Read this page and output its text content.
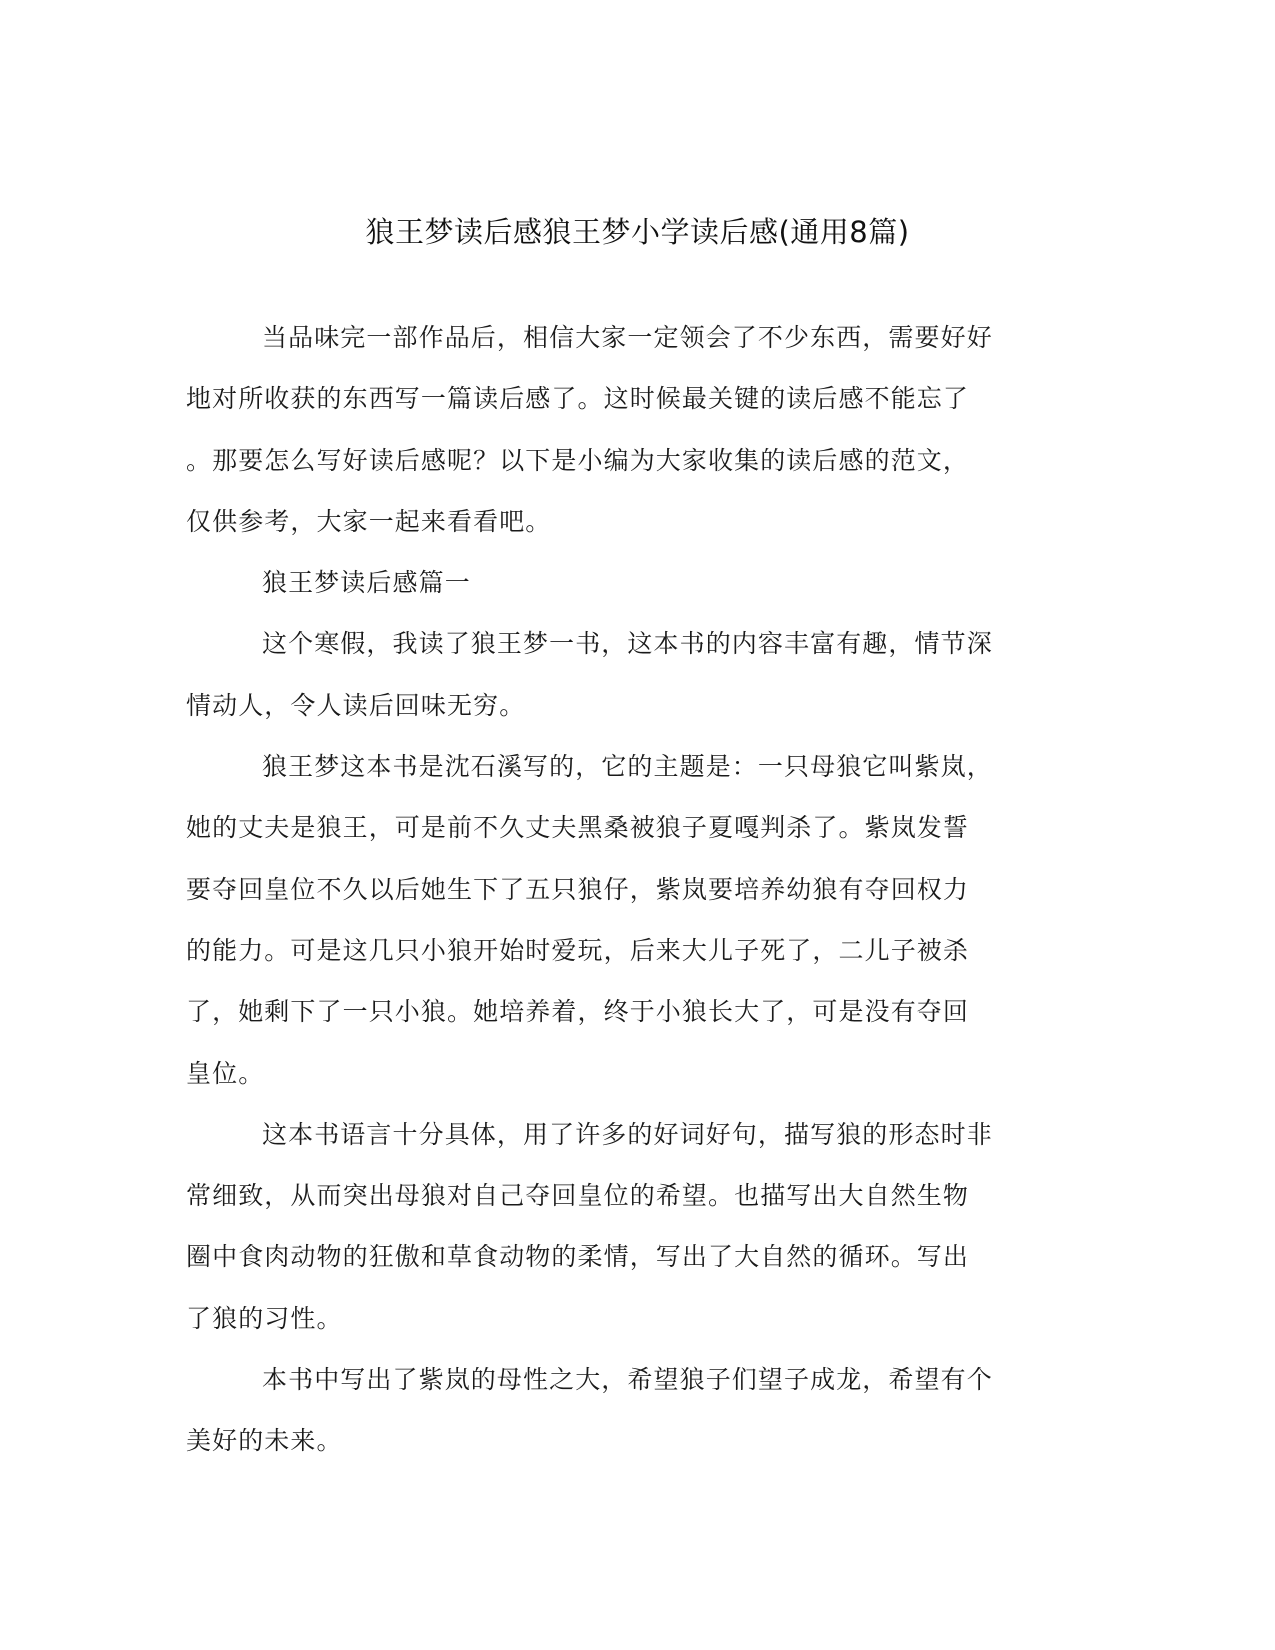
狼王梦读后感狼王梦小学读后感(通用8篇)
当品味完一部作品后，相信大家一定领会了不少东西，需要好好
地对所收获的东西写一篇读后感了。这时候最关键的读后感不能忘了
。那要怎么写好读后感呢？以下是小编为大家收集的读后感的范文，
仅供参考，大家一起来看看吧。
狼王梦读后感篇一
这个寒假，我读了狼王梦一书，这本书的内容丰富有趣，情节深
情动人，令人读后回味无穷。
狼王梦这本书是沈石溪写的，它的主题是：一只母狼它叫紫岚，
她的丈夫是狼王，可是前不久丈夫黑桑被狼子夏嘎判杀了。紫岚发誓
要夺回皇位不久以后她生下了五只狼仔，紫岚要培养幼狼有夺回权力
的能力。可是这几只小狼开始时爱玩，后来大儿子死了，二儿子被杀
了，她剩下了一只小狼。她培养着，终于小狼长大了，可是没有夺回
皇位。
这本书语言十分具体，用了许多的好词好句，描写狼的形态时非
常细致，从而突出母狼对自己夺回皇位的希望。也描写出大自然生物
圈中食肉动物的狂傲和草食动物的柔情，写出了大自然的循环。写出
了狼的习性。
本书中写出了紫岚的母性之大，希望狼子们望子成龙，希望有个
美好的未来。
